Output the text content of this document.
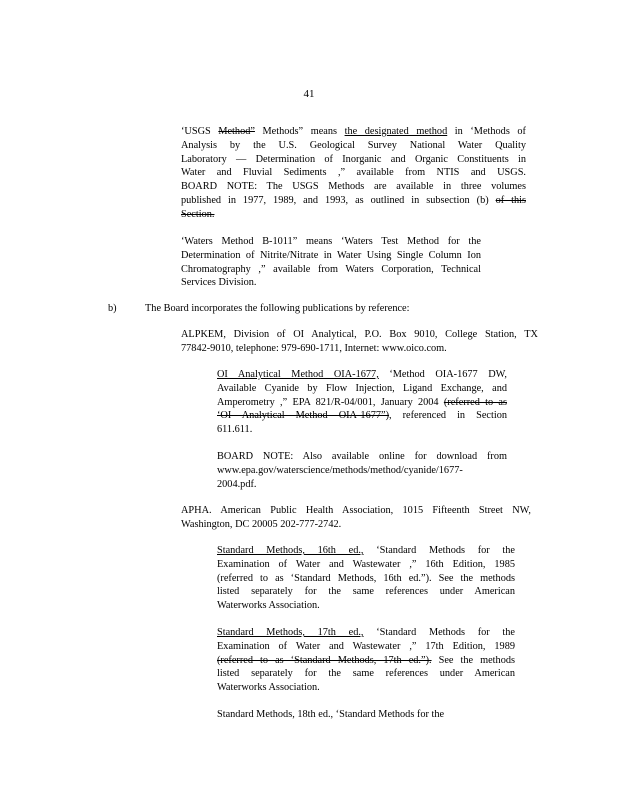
41
‘USGS Method” Methods” means the designated method in ‘Methods of
Analysis by the U.S. Geological Survey National Water Quality
Laboratory — Determination of Inorganic and Organic Constituents in
Water and Fluvial Sediments ,” available from NTIS and USGS.
BOARD NOTE: The USGS Methods are available in three volumes
published in 1977, 1989, and 1993, as outlined in subsection (b) of this
Section.
‘Waters Method B-1011” means ‘Waters Test Method for the
Determination of Nitrite/Nitrate in Water Using Single Column Ion
Chromatography ,” available from Waters Corporation, Technical
Services Division.
b)	The Board incorporates the following publications by reference:
ALPKEM, Division of OI Analytical, P.O. Box 9010, College Station, TX
77842-9010, telephone: 979-690-1711, Internet: www.oico.com.
OI Analytical Method OIA-1677, ‘Method OIA-1677 DW,
Available Cyanide by Flow Injection, Ligand Exchange, and
Amperometry ,” EPA 821/R-04/001, January 2004 (referred to as
‘OI Analytical Method OIA-1677”), referenced in Section
611.611.
BOARD NOTE: Also available online for download from
www.epa.gov/waterscience/methods/method/cyanide/1677-
2004.pdf.
APHA. American Public Health Association, 1015 Fifteenth Street NW,
Washington, DC 20005 202-777-2742.
Standard Methods, 16th ed., ‘Standard Methods for the
Examination of Water and Wastewater ,” 16th Edition, 1985
(referred to as ‘Standard Methods, 16th ed.”). See the methods
listed separately for the same references under American
Waterworks Association.
Standard Methods, 17th ed., ‘Standard Methods for the
Examination of Water and Wastewater ,” 17th Edition, 1989
(referred to as ‘Standard Methods, 17th ed.”). See the methods
listed separately for the same references under American
Waterworks Association.
Standard Methods, 18th ed., ‘Standard Methods for the
